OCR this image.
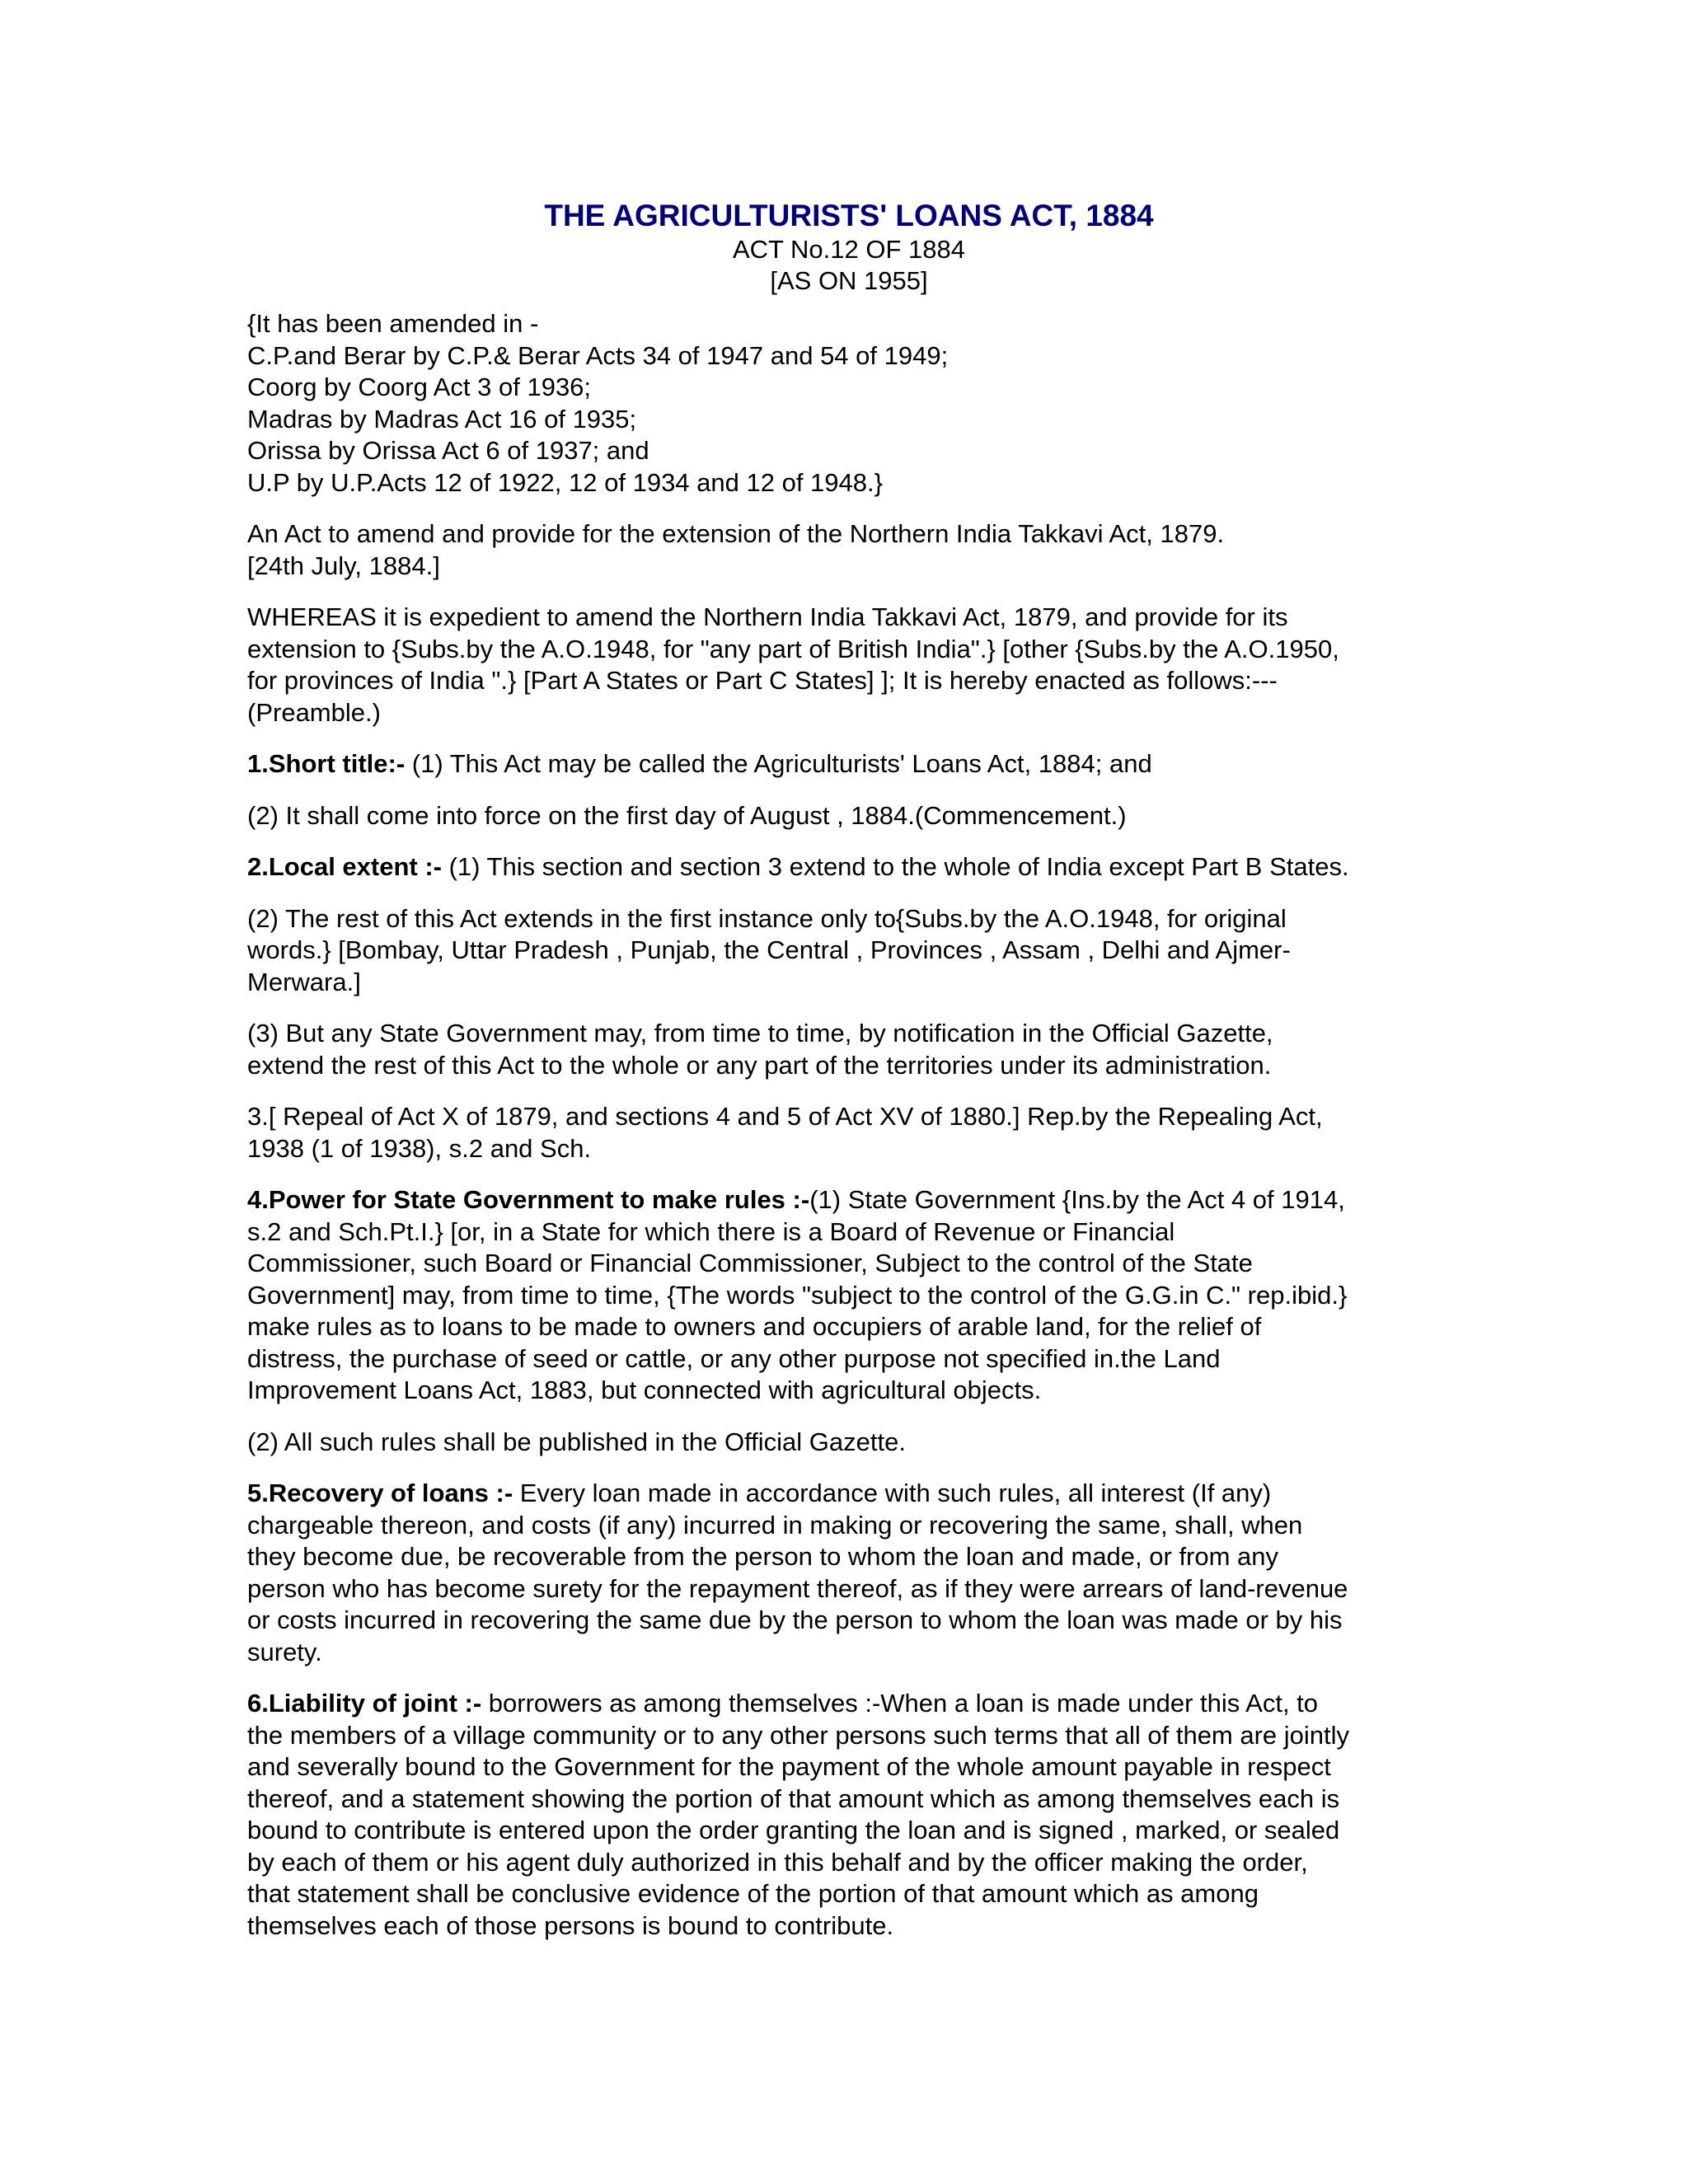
THE AGRICULTURISTS' LOANS ACT, 1884
ACT No.12 OF 1884
[AS ON 1955]
{It has been amended in -
C.P.and Berar by C.P.& Berar Acts 34 of 1947 and 54 of 1949;
Coorg by Coorg Act 3 of 1936;
Madras by Madras Act 16 of 1935;
Orissa by Orissa Act 6 of 1937; and
U.P by U.P.Acts 12 of 1922, 12 of 1934 and 12 of 1948.}
An Act to amend and provide for the extension of the Northern India Takkavi Act, 1879.
[24th July, 1884.]
WHEREAS it is expedient to amend the Northern India Takkavi Act, 1879, and provide for its
extension to {Subs.by the A.O.1948, for "any part of British India".} [other {Subs.by the A.O.1950,
for provinces of India ".} [Part A States or Part C States] ]; It is hereby enacted as follows:---
(Preamble.)
1.Short title:- (1) This Act may be called the Agriculturists' Loans Act, 1884; and
(2) It shall come into force on the first day of August , 1884.(Commencement.)
2.Local extent :- (1) This section and section 3 extend to the whole of India except Part B States.
(2) The rest of this Act extends in the first instance only to{Subs.by the A.O.1948, for original
words.} [Bombay, Uttar Pradesh , Punjab, the Central , Provinces , Assam , Delhi and Ajmer-
Merwara.]
(3) But any State Government may, from time to time, by notification in the Official Gazette,
extend the rest of this Act to the whole or any part of the territories under its administration.
3.[ Repeal of Act X of 1879, and sections 4 and 5 of Act XV of 1880.] Rep.by the Repealing Act,
1938 (1 of 1938), s.2 and Sch.
4.Power for State Government to make rules :-(1) State Government {Ins.by the Act 4 of 1914,
s.2 and Sch.Pt.I.} [or, in a State for which there is a Board of Revenue or Financial
Commissioner, such Board or Financial Commissioner, Subject to the control of the State
Government] may, from time to time, {The words "subject to the control of the G.G.in C." rep.ibid.}
make rules as to loans to be made to owners and occupiers of arable land, for the relief of
distress, the purchase of seed or cattle, or any other purpose not specified in.the Land
Improvement Loans Act, 1883, but connected with agricultural objects.
(2) All such rules shall be published in the Official Gazette.
5.Recovery of loans :- Every loan made in accordance with such rules, all interest (If any)
chargeable thereon, and costs (if any) incurred in making or recovering the same, shall, when
they become due, be recoverable from the person to whom the loan and made, or from any
person who has become surety for the repayment thereof, as if they were arrears of land-revenue
or costs incurred in recovering the same due by the person to whom the loan was made or by his
surety.
6.Liability of joint :- borrowers as among themselves :-When a loan is made under this Act, to
the members of a village community or to any other persons such terms that all of them are jointly
and severally bound to the Government for the payment of the whole amount payable in respect
thereof, and a statement showing the portion of that amount which as among themselves each is
bound to contribute is entered upon the order granting the loan and is signed , marked, or sealed
by each of them or his agent duly authorized in this behalf and by the officer making the order,
that statement shall be conclusive evidence of the portion of that amount which as among
themselves each of those persons is bound to contribute.
